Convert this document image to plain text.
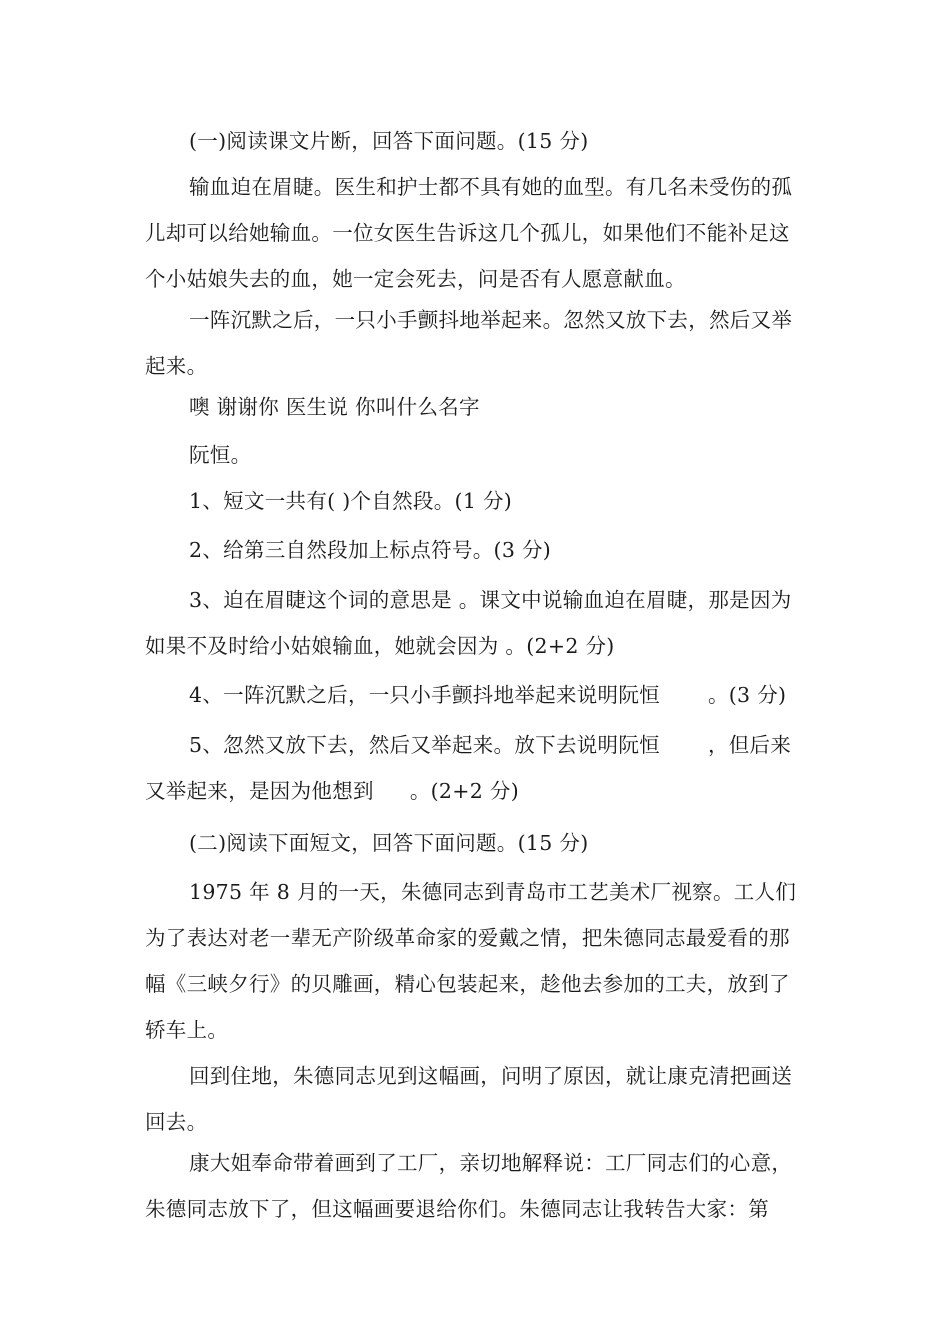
(一)阅读课文片断，回答下面问题。(15 分)

输血迫在眉睫。医生和护士都不具有她的血型。有几名未受伤的孤儿却可以给她输血。一位女医生告诉这几个孤儿，如果他们不能补足这个小姑娘失去的血，她一定会死去，问是否有人愿意献血。

一阵沉默之后，一只小手颤抖地举起来。忽然又放下去，然后又举起来。

噢 谢谢你 医生说 你叫什么名字

阮恒。

1、短文一共有( )个自然段。(1 分)

2、给第三自然段加上标点符号。(3 分)

3、迫在眉睫这个词的意思是 。课文中说输血迫在眉睫，那是因为如果不及时给小姑娘输血，她就会因为 。(2+2 分)

4、一阵沉默之后，一只小手颤抖地举起来说明阮恒 。(3 分)

5、忽然又放下去，然后又举起来。放下去说明阮恒 ，但后来又举起来，是因为他想到 。(2+2 分)

(二)阅读下面短文，回答下面问题。(15 分)

1975 年 8 月的一天，朱德同志到青岛市工艺美术厂视察。工人们为了表达对老一辈无产阶级革命家的爱戴之情，把朱德同志最爱看的那幅《三峡夕行》的贝雕画，精心包装起来，趁他去参加的工夫，放到了轿车上。

回到住地，朱德同志见到这幅画，问明了原因，就让康克清把画送回去。

康大姐奉命带着画到了工厂，亲切地解释说：工厂同志们的心意，朱德同志放下了，但这幅画要退给你们。朱德同志让我转告大家：第
